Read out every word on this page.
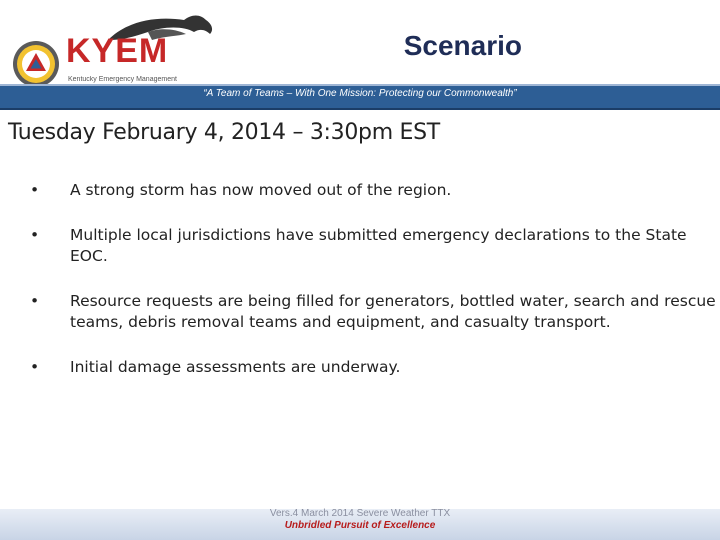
KYEM
Kentucky Emergency Management
Scenario
“A Team of Teams – With One Mission: Protecting our Commonwealth”
Tuesday February 4, 2014 – 3:30pm EST
• A strong storm has now moved out of the region.
• Multiple local jurisdictions have submitted emergency declarations to the State EOC.
• Resource requests are being filled for generators, bottled water, search and rescue teams, debris removal teams and equipment, and casualty transport.
• Initial damage assessments are underway.
Vers.4 March 2014 Severe Weather TTX
Unbridled Pursuit of Excellence
